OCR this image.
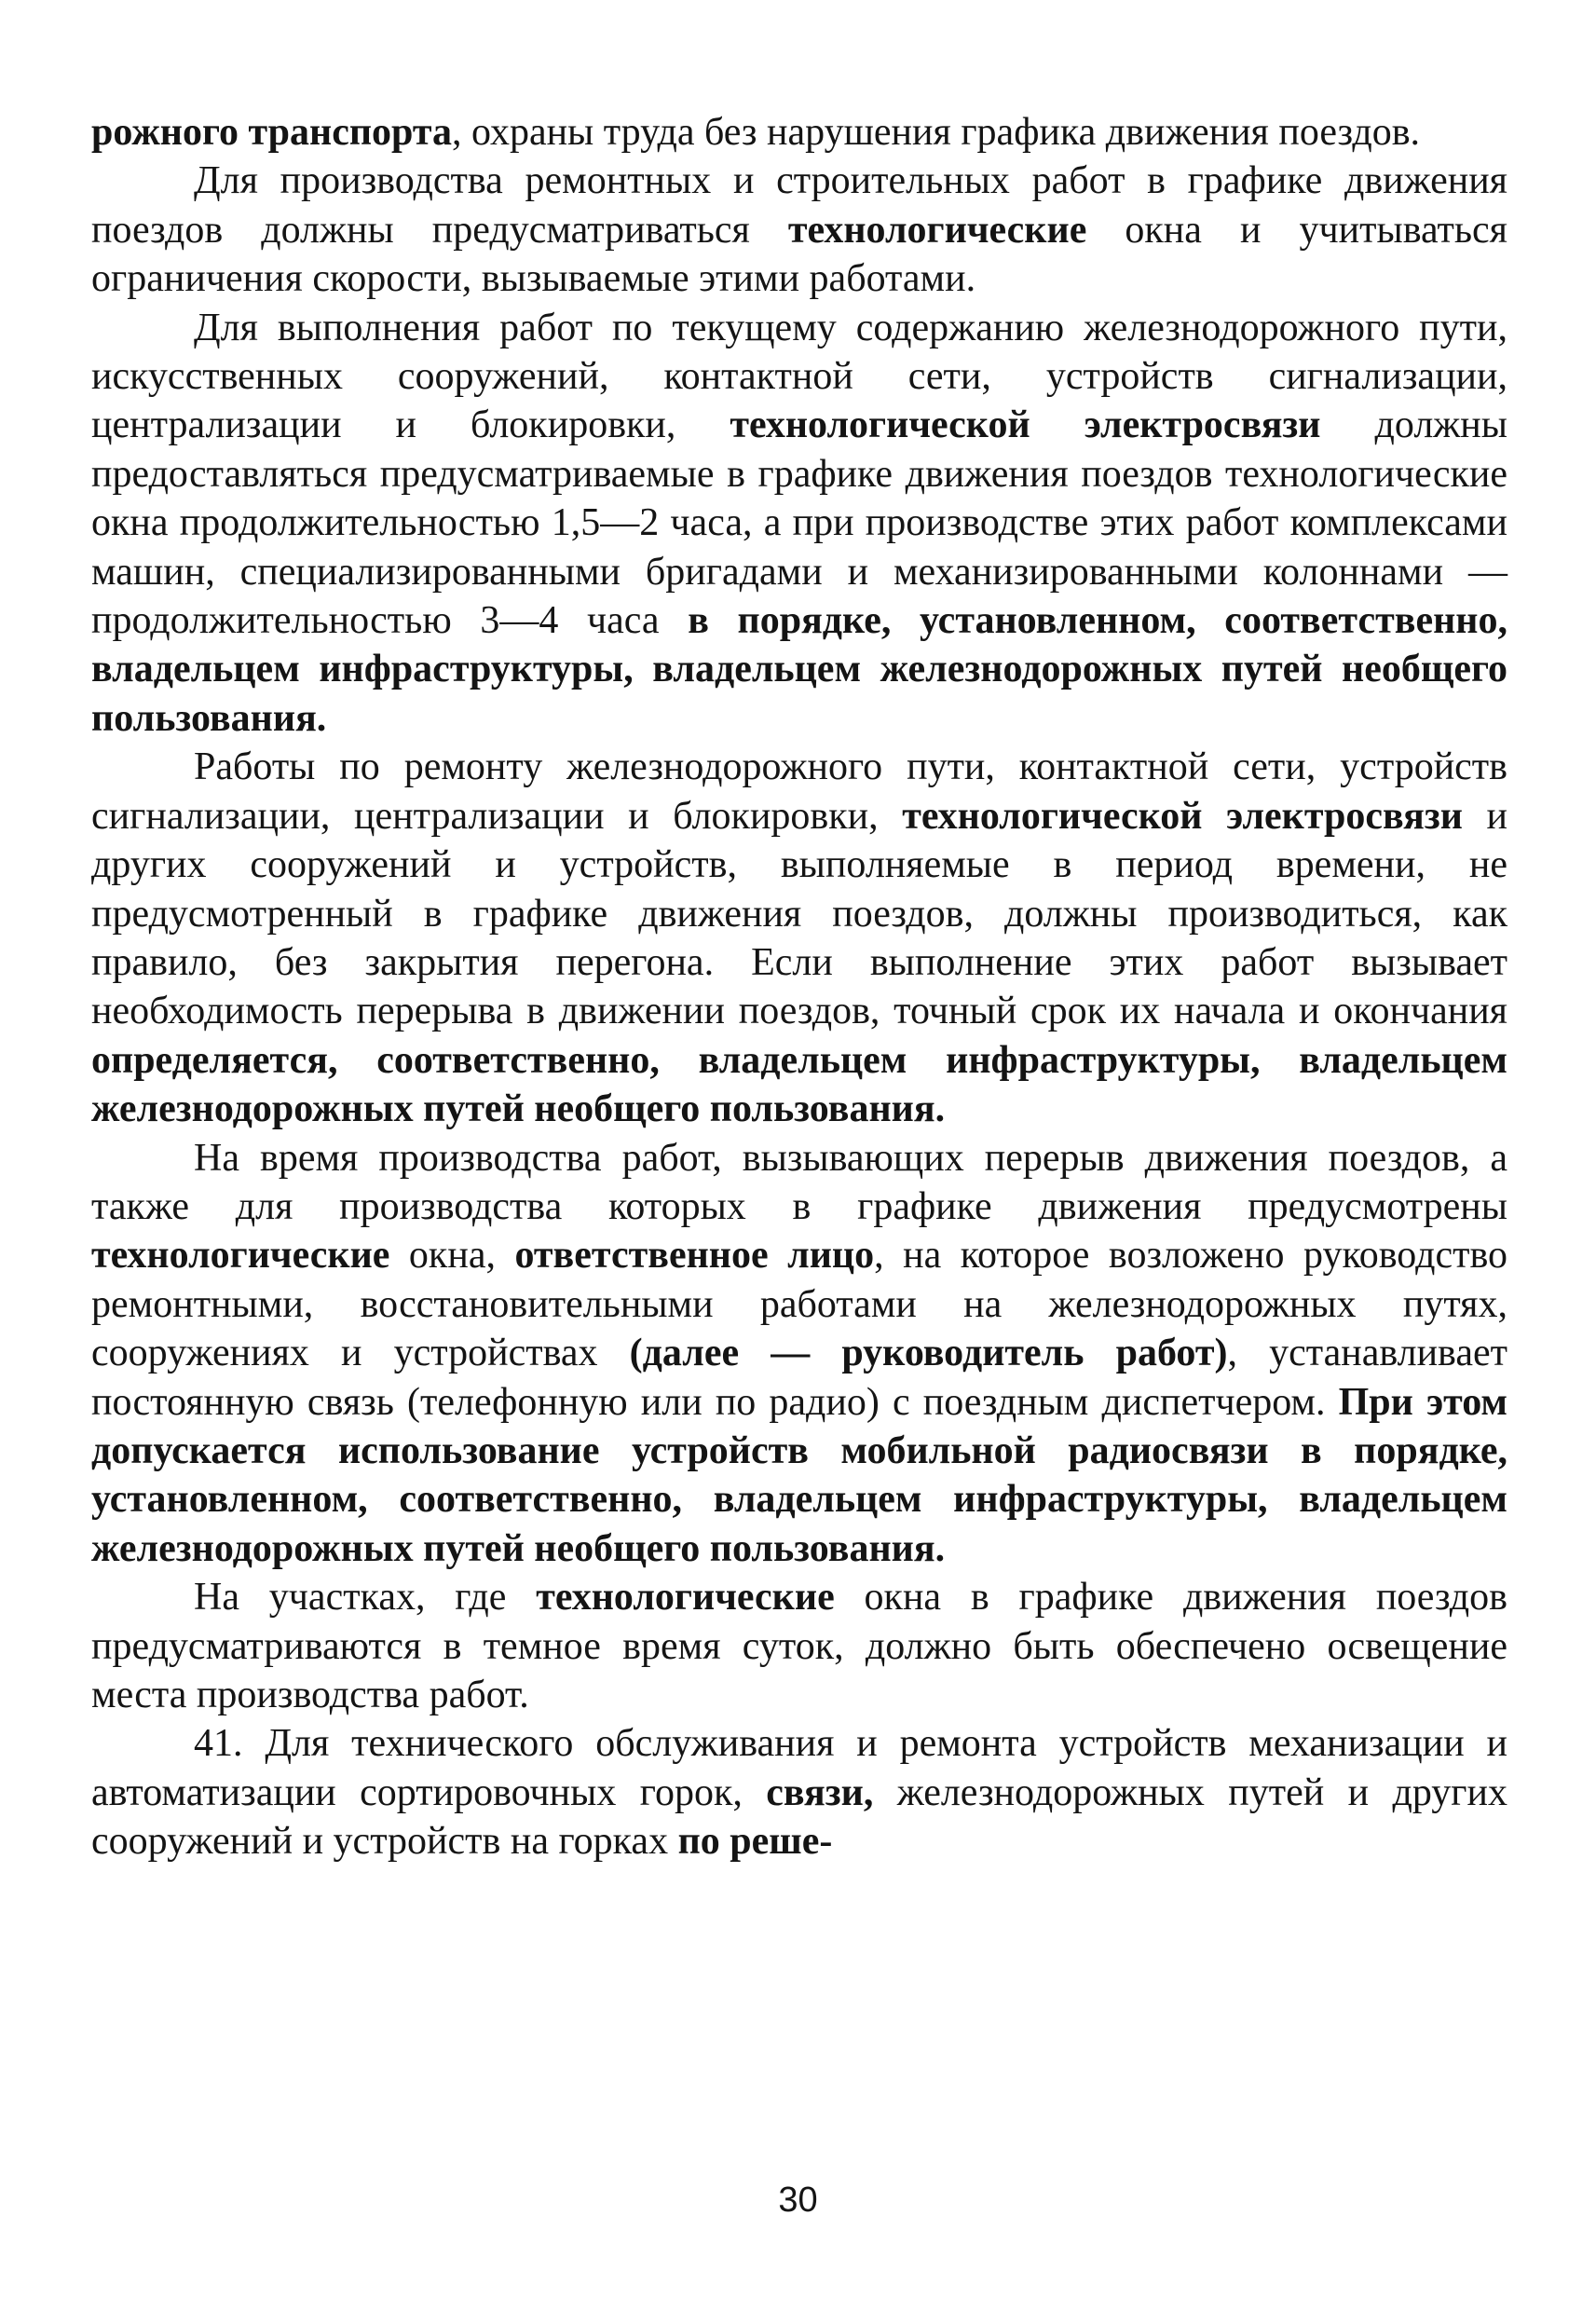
рожного транспорта, охраны труда без нарушения графика движения поездов.

Для производства ремонтных и строительных работ в графике движения поездов должны предусматриваться технологические окна и учитываться ограничения скорости, вызываемые этими работами.

Для выполнения работ по текущему содержанию железнодорожного пути, искусственных сооружений, контактной сети, устройств сигнализации, централизации и блокировки, технологической электросвязи должны предоставляться предусматриваемые в графике движения поездов технологические окна продолжительностью 1,5—2 часа, а при производстве этих работ комплексами машин, специализированными бригадами и механизированными колоннами — продолжительностью 3—4 часа в порядке, установленном, соответственно, владельцем инфраструктуры, владельцем железнодорожных путей необщего пользования.

Работы по ремонту железнодорожного пути, контактной сети, устройств сигнализации, централизации и блокировки, технологической электросвязи и других сооружений и устройств, выполняемые в период времени, не предусмотренный в графике движения поездов, должны производиться, как правило, без закрытия перегона. Если выполнение этих работ вызывает необходимость перерыва в движении поездов, точный срок их начала и окончания определяется, соответственно, владельцем инфраструктуры, владельцем железнодорожных путей необщего пользования.

На время производства работ, вызывающих перерыв движения поездов, а также для производства которых в графике движения предусмотрены технологические окна, ответственное лицо, на которое возложено руководство ремонтными, восстановительными работами на железнодорожных путях, сооружениях и устройствах (далее — руководитель работ), устанавливает постоянную связь (телефонную или по радио) с поездным диспетчером. При этом допускается использование устройств мобильной радиосвязи в порядке, установленном, соответственно, владельцем инфраструктуры, владельцем железнодорожных путей необщего пользования.

На участках, где технологические окна в графике движения поездов предусматриваются в темное время суток, должно быть обеспечено освещение места производства работ.

41. Для технического обслуживания и ремонта устройств механизации и автоматизации сортировочных горок, связи, железнодорожных путей и других сооружений и устройств на горках по реше-

30
